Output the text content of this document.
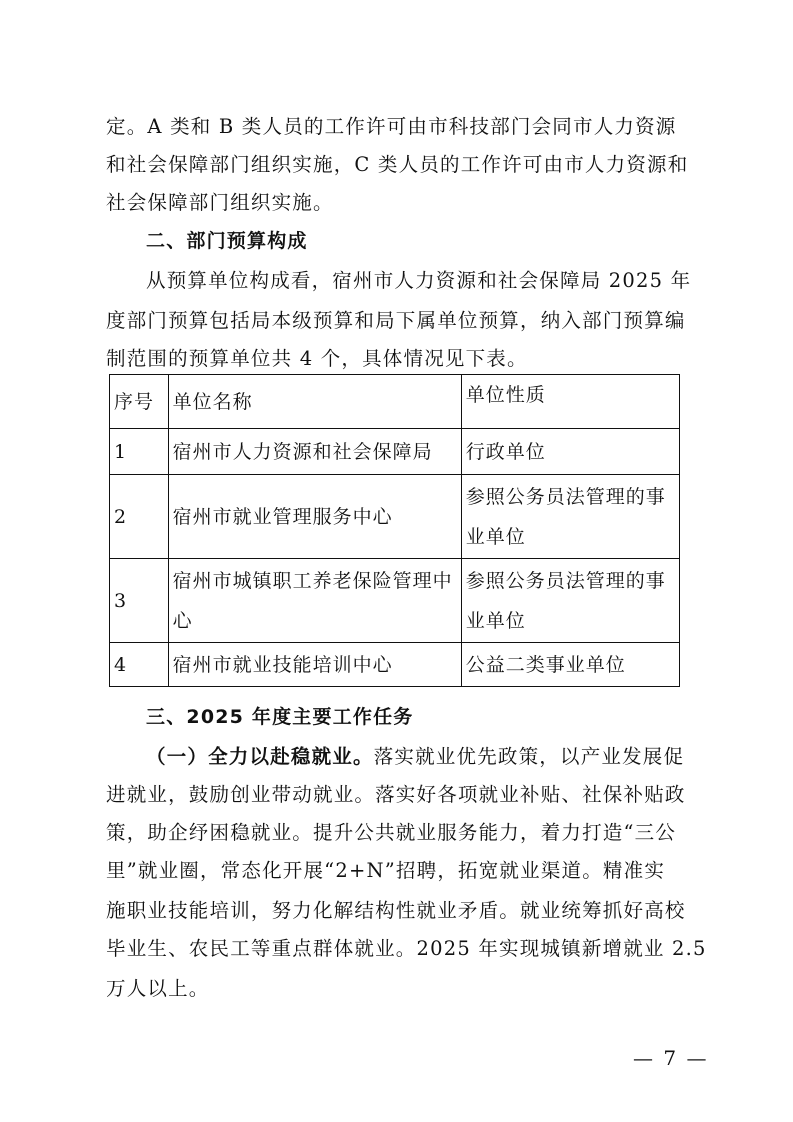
定。A 类和 B 类人员的工作许可由市科技部门会同市人力资源
和社会保障部门组织实施，C 类人员的工作许可由市人力资源和
社会保障部门组织实施。
二、部门预算构成
从预算单位构成看，宿州市人力资源和社会保障局 2025 年
度部门预算包括局本级预算和局下属单位预算，纳入部门预算编
制范围的预算单位共 4 个，具体情况见下表。
序号	单位名称	单位性质
1	宿州市人力资源和社会保障局	行政单位
2	宿州市就业管理服务中心	参照公务员法管理的事业单位
3	宿州市城镇职工养老保险管理中心	参照公务员法管理的事业单位
4	宿州市就业技能培训中心	公益二类事业单位
三、2025 年度主要工作任务
（一）全力以赴稳就业。落实就业优先政策，以产业发展促
进就业，鼓励创业带动就业。落实好各项就业补贴、社保补贴政
策，助企纾困稳就业。提升公共就业服务能力，着力打造“三公
里”就业圈，常态化开展“2+N”招聘，拓宽就业渠道。精准实
施职业技能培训，努力化解结构性就业矛盾。就业统筹抓好高校
毕业生、农民工等重点群体就业。2025 年实现城镇新增就业 2.5
万人以上。
— 7 —
